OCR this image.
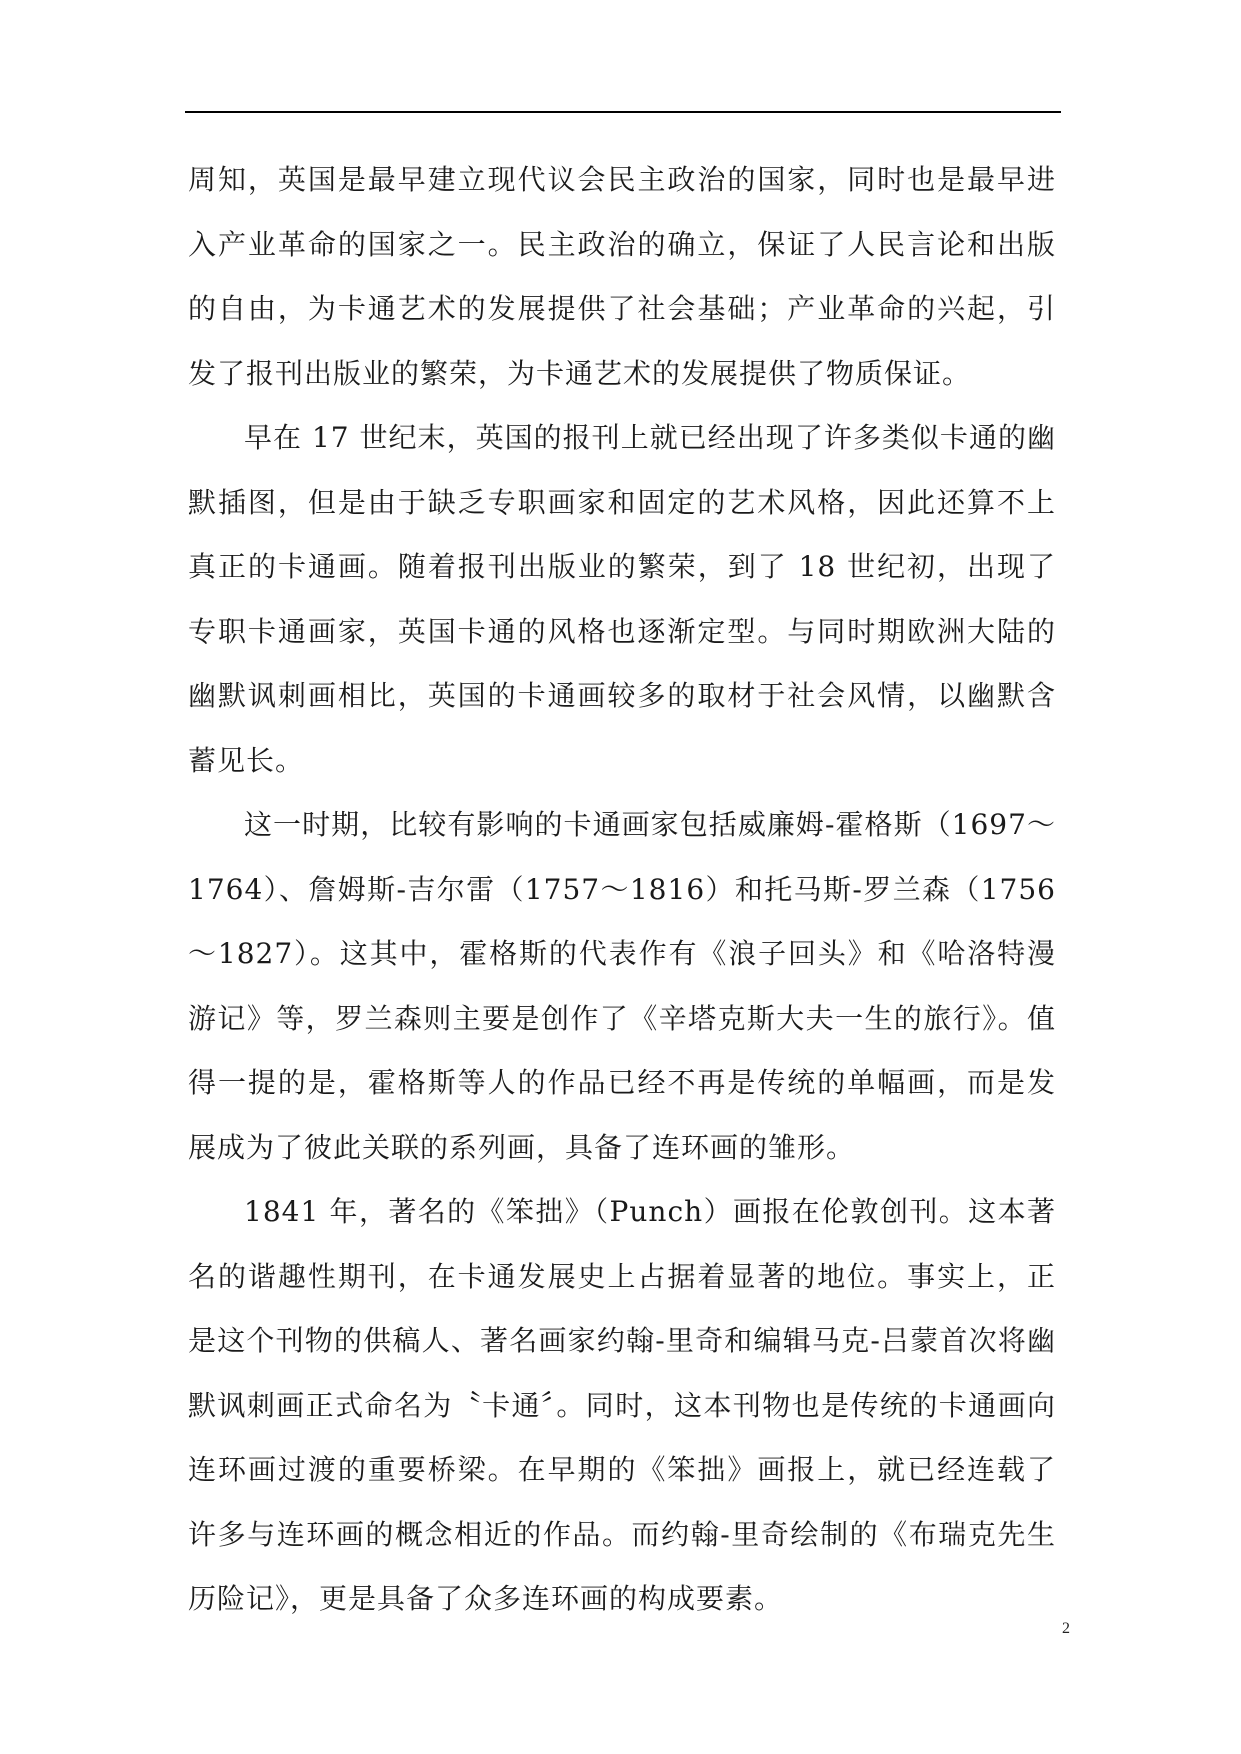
周知，英国是最早建立现代议会民主政治的国家，同时也是最早进入产业革命的国家之一。民主政治的确立，保证了人民言论和出版的自由，为卡通艺术的发展提供了社会基础；产业革命的兴起，引发了报刊出版业的繁荣，为卡通艺术的发展提供了物质保证。

早在 17 世纪末，英国的报刊上就已经出现了许多类似卡通的幽默插图，但是由于缺乏专职画家和固定的艺术风格，因此还算不上真正的卡通画。随着报刊出版业的繁荣，到了 18 世纪初，出现了专职卡通画家，英国卡通的风格也逐渐定型。与同时期欧洲大陆的幽默讽刺画相比，英国的卡通画较多的取材于社会风情，以幽默含蓄见长。

这一时期，比较有影响的卡通画家包括威廉姆-霍格斯（1697～1764）、詹姆斯-吉尔雷（1757～1816）和托马斯-罗兰森（1756～1827）。这其中，霍格斯的代表作有《浪子回头》和《哈洛特漫游记》等，罗兰森则主要是创作了《辛塔克斯大夫一生的旅行》。值得一提的是，霍格斯等人的作品已经不再是传统的单幅画，而是发展成为了彼此关联的系列画，具备了连环画的雏形。

1841 年，著名的《笨拙》（Punch）画报在伦敦创刊。这本著名的谐趣性期刊，在卡通发展史上占据着显著的地位。事实上，正是这个刊物的供稿人、著名画家约翰-里奇和编辑马克-吕蒙首次将幽默讽刺画正式命名为〝卡通〞。同时，这本刊物也是传统的卡通画向连环画过渡的重要桥梁。在早期的《笨拙》画报上，就已经连载了许多与连环画的概念相近的作品。而约翰-里奇绘制的《布瑞克先生历险记》，更是具备了众多连环画的构成要素。

2
